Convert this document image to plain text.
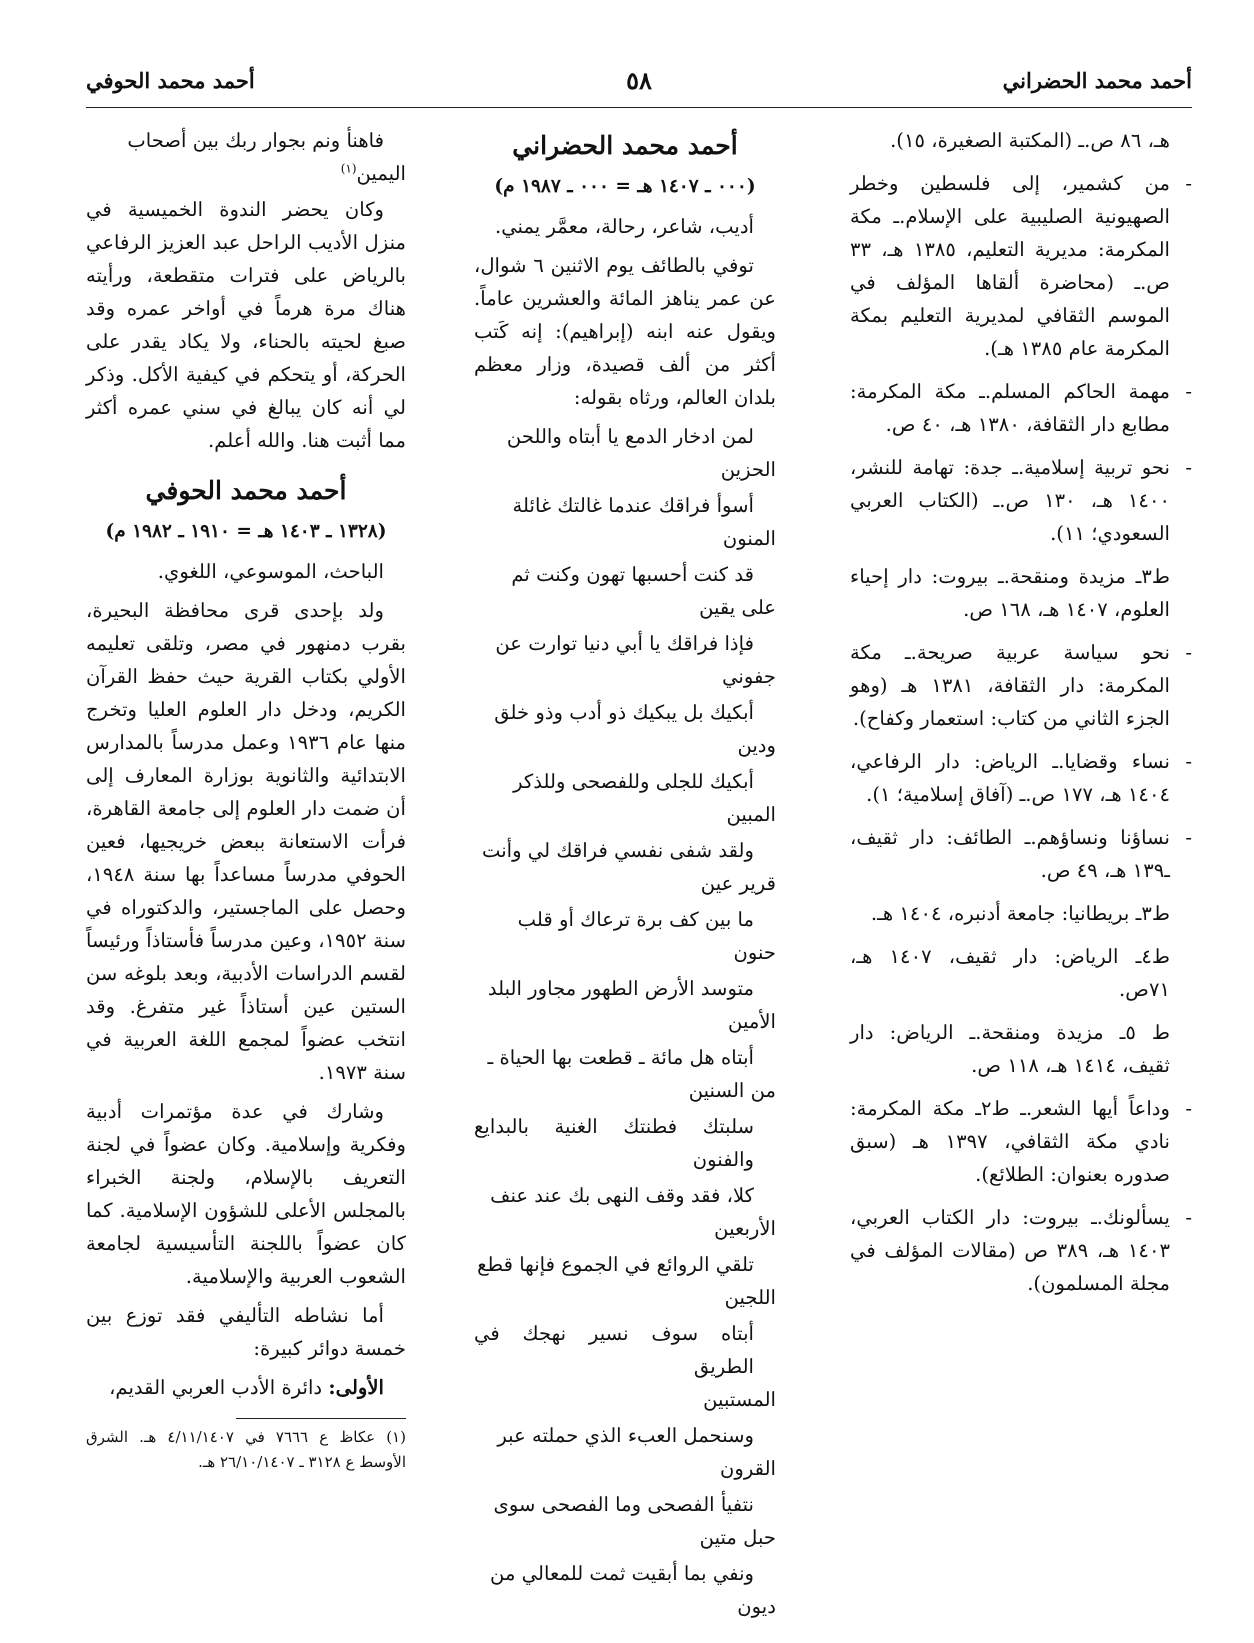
أحمد محمد الحضراني
٥٨
أحمد محمد الحوفي
هـ، ٨٦ ص.ـ (المكتبة الصغيرة، ١٥).
-
من كشمير، إلى فلسطين وخطر الصهيونية الصليبية على الإسلام.ـ مكة المكرمة: مديرية التعليم، ١٣٨٥ هـ، ٣٣ ص.ـ (محاضرة ألقاها المؤلف في الموسم الثقافي لمديرية التعليم بمكة المكرمة عام ١٣٨٥ هـ).
-
مهمة الحاكم المسلم.ـ مكة المكرمة: مطابع دار الثقافة، ١٣٨٠ هـ، ٤٠ ص.
-
نحو تربية إسلامية.ـ جدة: تهامة للنشر، ١٤٠٠ هـ، ١٣٠ ص.ـ (الكتاب العربي السعودي؛ ١١).
ط٣ـ مزيدة ومنقحة.ـ بيروت: دار إحياء العلوم، ١٤٠٧ هـ، ١٦٨ ص.
-
نحو سياسة عربية صريحة.ـ مكة المكرمة: دار الثقافة، ١٣٨١ هـ (وهو الجزء الثاني من كتاب: استعمار وكفاح).
-
نساء وقضايا.ـ الرياض: دار الرفاعي، ١٤٠٤ هـ، ١٧٧ ص.ـ (آفاق إسلامية؛ ١).
-
نساؤنا ونساؤهم.ـ الطائف: دار ثقيف، ـ١٣٩ هـ، ٤٩ ص.
ط٣ـ بريطانيا: جامعة أدنبره، ١٤٠٤ هـ.
ط٤ـ الرياض: دار ثقيف، ١٤٠٧ هـ، ٧١ص.
ط ٥ـ مزيدة ومنقحة.ـ الرياض: دار ثقيف، ١٤١٤ هـ، ١١٨ ص.
-
وداعاً أيها الشعر.ـ ط٢ـ مكة المكرمة: نادي مكة الثقافي، ١٣٩٧ هـ (سبق صدوره بعنوان: الطلائع).
-
يسألونك.ـ بيروت: دار الكتاب العربي، ١٤٠٣ هـ، ٣٨٩ ص (مقالات المؤلف في مجلة المسلمون).
أحمد محمد الحضراني
(٠٠٠ ـ ١٤٠٧ هـ = ٠٠٠ ـ ١٩٨٧ م)

أديب، شاعر، رحالة، معمَّر يمني.

توفي بالطائف يوم الاثنين ٦ شوال، عن عمر يناهز المائة والعشرين عاماً. ويقول عنه ابنه (إبراهيم): إنه كَتب أكثر من ألف قصيدة، وزار معظم بلدان العالم، ورثاه بقوله:

لمن ادخار الدمع يا أبتاه واللحن
الحزين
أسوأ فراقك عندما غالتك غائلة
المنون
قد كنت أحسبها تهون وكنت ثم
على يقين
فإذا فراقك يا أبي دنيا توارت عن
جفوني
أبكيك بل يبكيك ذو أدب وذو خلق
ودين
أبكيك للجلى وللفصحى وللذكر
المبين
ولقد شفى نفسي فراقك لي وأنت
قرير عين
ما بين كف برة ترعاك أو قلب
حنون
متوسد الأرض الطهور مجاور البلد
الأمين
أبتاه هل مائة ـ قطعت بها الحياة ـ
من السنين
سلبتك فطنتك الغنية بالبدايع والفنون
كلا، فقد وقف النهى بك عند عنف
الأربعين
تلقي الروائع في الجموع فإنها قطع
اللجين
أبتاه سوف نسير نهجك في الطريق
المستبين
وسنحمل العبء الذي حملته عبر
القرون
نتفيأ الفصحى وما الفصحى سوى
حبل متين
ونفي بما أبقيت ثمت للمعالي من
ديون
فاهنأ ونم بجوار ربك بين أصحاب
اليمين$^{(١)}$

وكان يحضر الندوة الخميسية في منزل الأديب الراحل عبد العزيز الرفاعي بالرياض على فترات متقطعة، ورأيته هناك مرة هرماً في أواخر عمره وقد صبغ لحيته بالحناء، ولا يكاد يقدر على الحركة، أو يتحكم في كيفية الأكل. وذكر لي أنه كان يبالغ في سني عمره أكثر مما أثبت هنا. والله أعلم.

أحمد محمد الحوفي
(١٣٢٨ ـ ١٤٠٣ هـ = ١٩١٠ ـ ١٩٨٢ م)

الباحث، الموسوعي، اللغوي.

ولد بإحدى قرى محافظة البحيرة، بقرب دمنهور في مصر، وتلقى تعليمه الأولي بكتاب القرية حيث حفظ القرآن الكريم، ودخل دار العلوم العليا وتخرج منها عام ١٩٣٦ وعمل مدرساً بالمدارس الابتدائية والثانوية بوزارة المعارف إلى أن ضمت دار العلوم إلى جامعة القاهرة، فرأت الاستعانة ببعض خريجيها، فعين الحوفي مدرساً مساعداً بها سنة ١٩٤٨، وحصل على الماجستير، والدكتوراه في سنة ١٩٥٢، وعين مدرساً فأستاذاً ورئيساً لقسم الدراسات الأدبية، وبعد بلوغه سن الستين عين أستاذاً غير متفرغ. وقد انتخب عضواً لمجمع اللغة العربية في سنة ١٩٧٣.

وشارك في عدة مؤتمرات أدبية وفكرية وإسلامية. وكان عضواً في لجنة التعريف بالإسلام، ولجنة الخبراء بالمجلس الأعلى للشؤون الإسلامية. كما كان عضواً باللجنة التأسيسية لجامعة الشعوب العربية والإسلامية.

أما نشاطه التأليفي فقد توزع بين خمسة دوائر كبيرة:

الأولى: دائرة الأدب العربي القديم،

(١) عكاظ ع ٧٦٦٦ في ٤/١١/١٤٠٧ هـ. الشرق الأوسط ع ٣١٢٨ ـ ٢٦/١٠/١٤٠٧ هـ.
